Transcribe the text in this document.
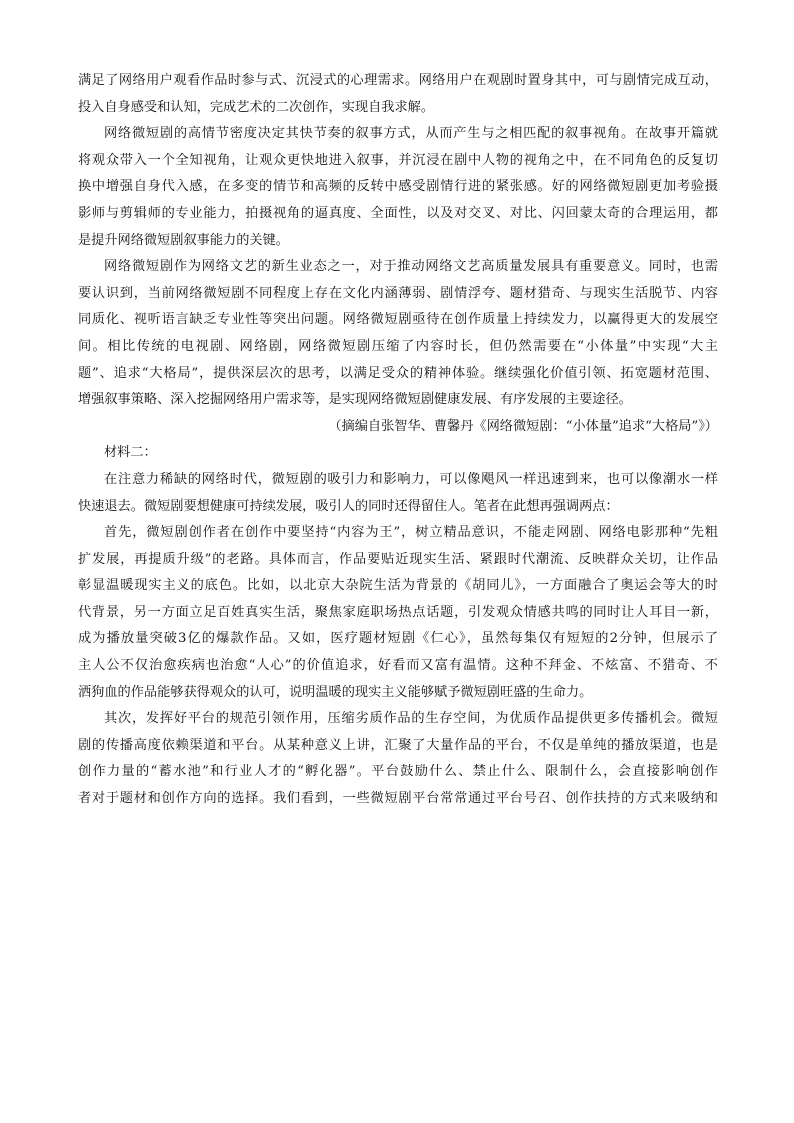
满足了网络用户观看作品时参与式、沉浸式的心理需求。网络用户在观剧时置身其中，可与剧情完成互动，
投入自身感受和认知，完成艺术的二次创作，实现自我求解。
网络微短剧的高情节密度决定其快节奏的叙事方式，从而产生与之相匹配的叙事视角。在故事开篇就
将观众带入一个全知视角，让观众更快地进入叙事，并沉浸在剧中人物的视角之中，在不同角色的反复切
换中增强自身代入感，在多变的情节和高频的反转中感受剧情行进的紧张感。好的网络微短剧更加考验摄
影师与剪辑师的专业能力，拍摄视角的逼真度、全面性，以及对交叉、对比、闪回蒙太奇的合理运用，都
是提升网络微短剧叙事能力的关键。
网络微短剧作为网络文艺的新生业态之一，对于推动网络文艺高质量发展具有重要意义。同时，也需
要认识到，当前网络微短剧不同程度上存在文化内涵薄弱、剧情浮夸、题材猎奇、与现实生活脱节、内容
同质化、视听语言缺乏专业性等突出问题。网络微短剧亟待在创作质量上持续发力，以赢得更大的发展空
间。相比传统的电视剧、网络剧，网络微短剧压缩了内容时长，但仍然需要在“小体量”中实现“大主
题”、追求“大格局”，提供深层次的思考，以满足受众的精神体验。继续强化价值引领、拓宽题材范围、
增强叙事策略、深入挖掘网络用户需求等，是实现网络微短剧健康发展、有序发展的主要途径。
（摘编自张智华、曹馨丹《网络微短剧：“小体量”追求“大格局”》）
材料二：
在注意力稀缺的网络时代，微短剧的吸引力和影响力，可以像飓风一样迅速到来，也可以像潮水一样
快速退去。微短剧要想健康可持续发展，吸引人的同时还得留住人。笔者在此想再强调两点：
首先，微短剧创作者在创作中要坚持“内容为王”，树立精品意识，不能走网剧、网络电影那种“先粗
扩发展，再提质升级”的老路。具体而言，作品要贴近现实生活、紧跟时代潮流、反映群众关切，让作品
彰显温暖现实主义的底色。比如，以北京大杂院生活为背景的《胡同儿》，一方面融合了奥运会等大的时
代背景，另一方面立足百姓真实生活，聚焦家庭职场热点话题，引发观众情感共鸣的同时让人耳目一新，
成为播放量突破3亿的爆款作品。又如，医疗题材短剧《仁心》，虽然每集仅有短短的2分钟，但展示了
主人公不仅治愈疾病也治愈“人心”的价值追求，好看而又富有温情。这种不拜金、不炫富、不猎奇、不
洒狗血的作品能够获得观众的认可，说明温暖的现实主义能够赋予微短剧旺盛的生命力。
其次，发挥好平台的规范引领作用，压缩劣质作品的生存空间，为优质作品提供更多传播机会。微短
剧的传播高度依赖渠道和平台。从某种意义上讲，汇聚了大量作品的平台，不仅是单纯的播放渠道，也是
创作力量的“蓄水池”和行业人才的“孵化器”。平台鼓励什么、禁止什么、限制什么，会直接影响创作
者对于题材和创作方向的选择。我们看到，一些微短剧平台常常通过平台号召、创作扶持的方式来吸纳和
